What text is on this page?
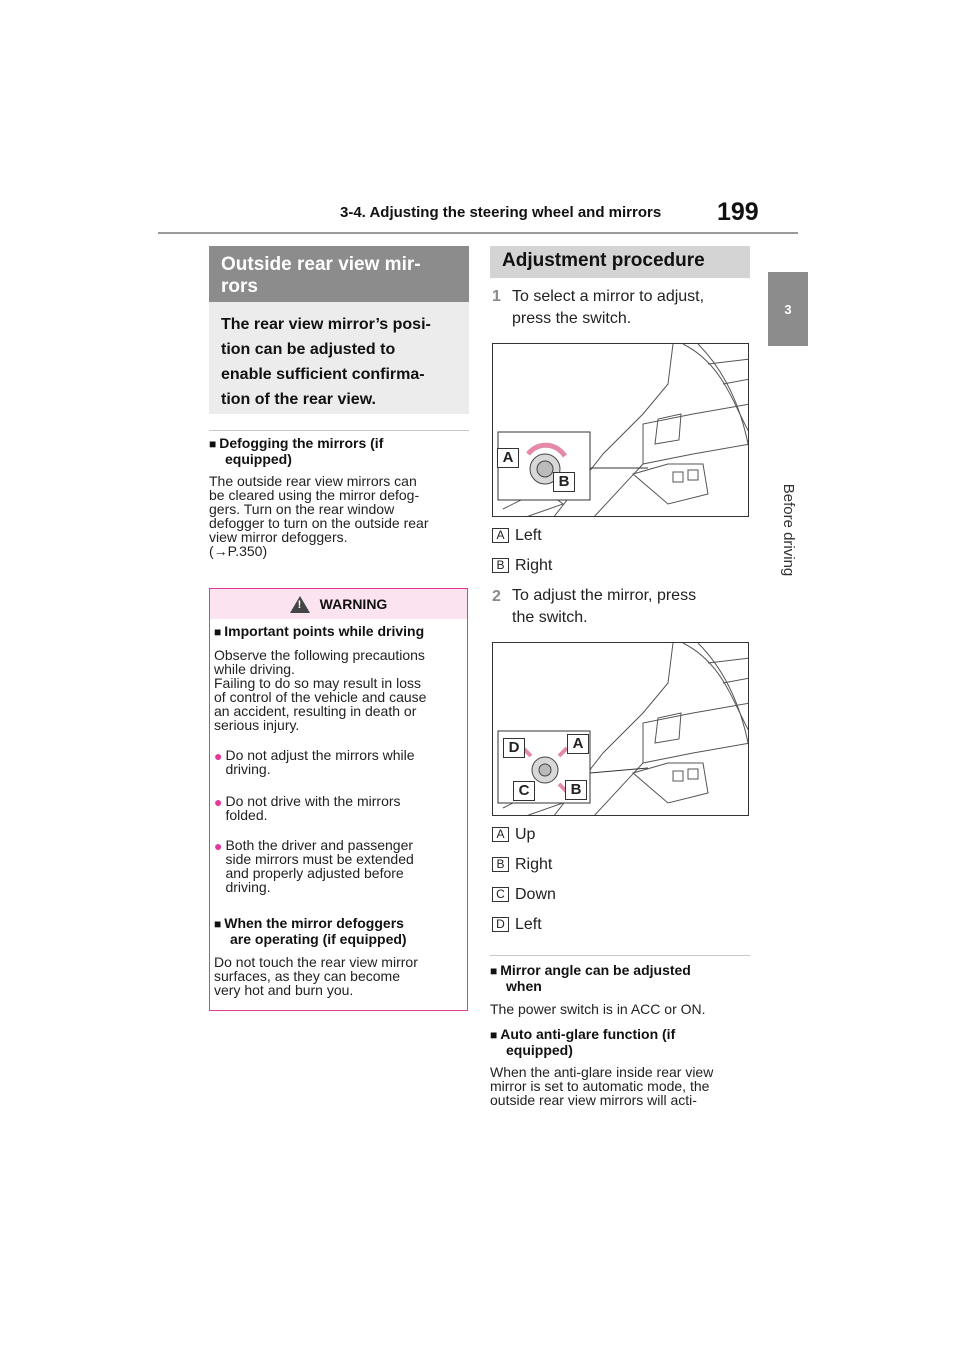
3-4. Adjusting the steering wheel and mirrors 199
3
Before driving
Outside rear view mir-
rors
The rear view mirror’s posi-
tion can be adjusted to
enable sufficient confirma-
tion of the rear view.
■ Defogging the mirrors (if
equipped)
The outside rear view mirrors can
be cleared using the mirror defog-
gers. Turn on the rear window
defogger to turn on the outside rear
view mirror defoggers.
(→P.350)
! WARNING
■ Important points while driving
Observe the following precautions
while driving.
Failing to do so may result in loss
of control of the vehicle and cause
an accident, resulting in death or
serious injury.
● Do not adjust the mirrors while
driving.
● Do not drive with the mirrors
folded.
● Both the driver and passenger
side mirrors must be extended
and properly adjusted before
driving.
■ When the mirror defoggers
are operating (if equipped)
Do not touch the rear view mirror
surfaces, as they can become
very hot and burn you.
Adjustment procedure
1 To select a mirror to adjust,
press the switch.
A
B
A Left
B Right
2 To adjust the mirror, press
the switch.
D	A
C	B
A Up
B Right
C Down
D Left
■ Mirror angle can be adjusted
when
The power switch is in ACC or ON.
■ Auto anti-glare function (if
equipped)
When the anti-glare inside rear view
mirror is set to automatic mode, the
outside rear view mirrors will acti-
